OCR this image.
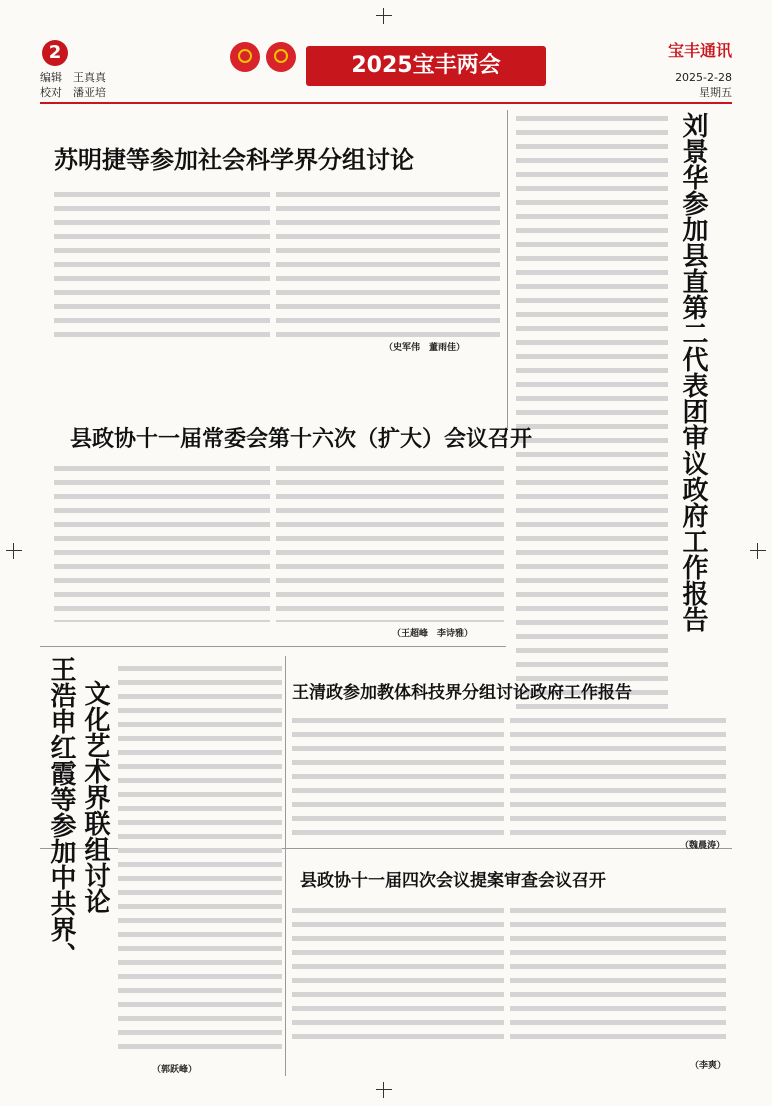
2
编辑　 王真真
校对　 潘亚培
2025宝丰两会
宝丰通讯
2025-2-28
星期五
苏明捷等参加社会科学界分组讨论
（史军伟　董雨佳）	刘景华参加县直第二代表团审议政府工作报告
县政协十一届常委会第十六次（扩大）会议召开
（王超峰　李诗雅）
文化艺术界联组讨论
王浩申红霞等参加中共界、
（郭跃峰）
王清政参加教体科技界分组讨论政府工作报告
（魏晨涛）
县政协十一届四次会议提案审查会议召开
（李爽）
